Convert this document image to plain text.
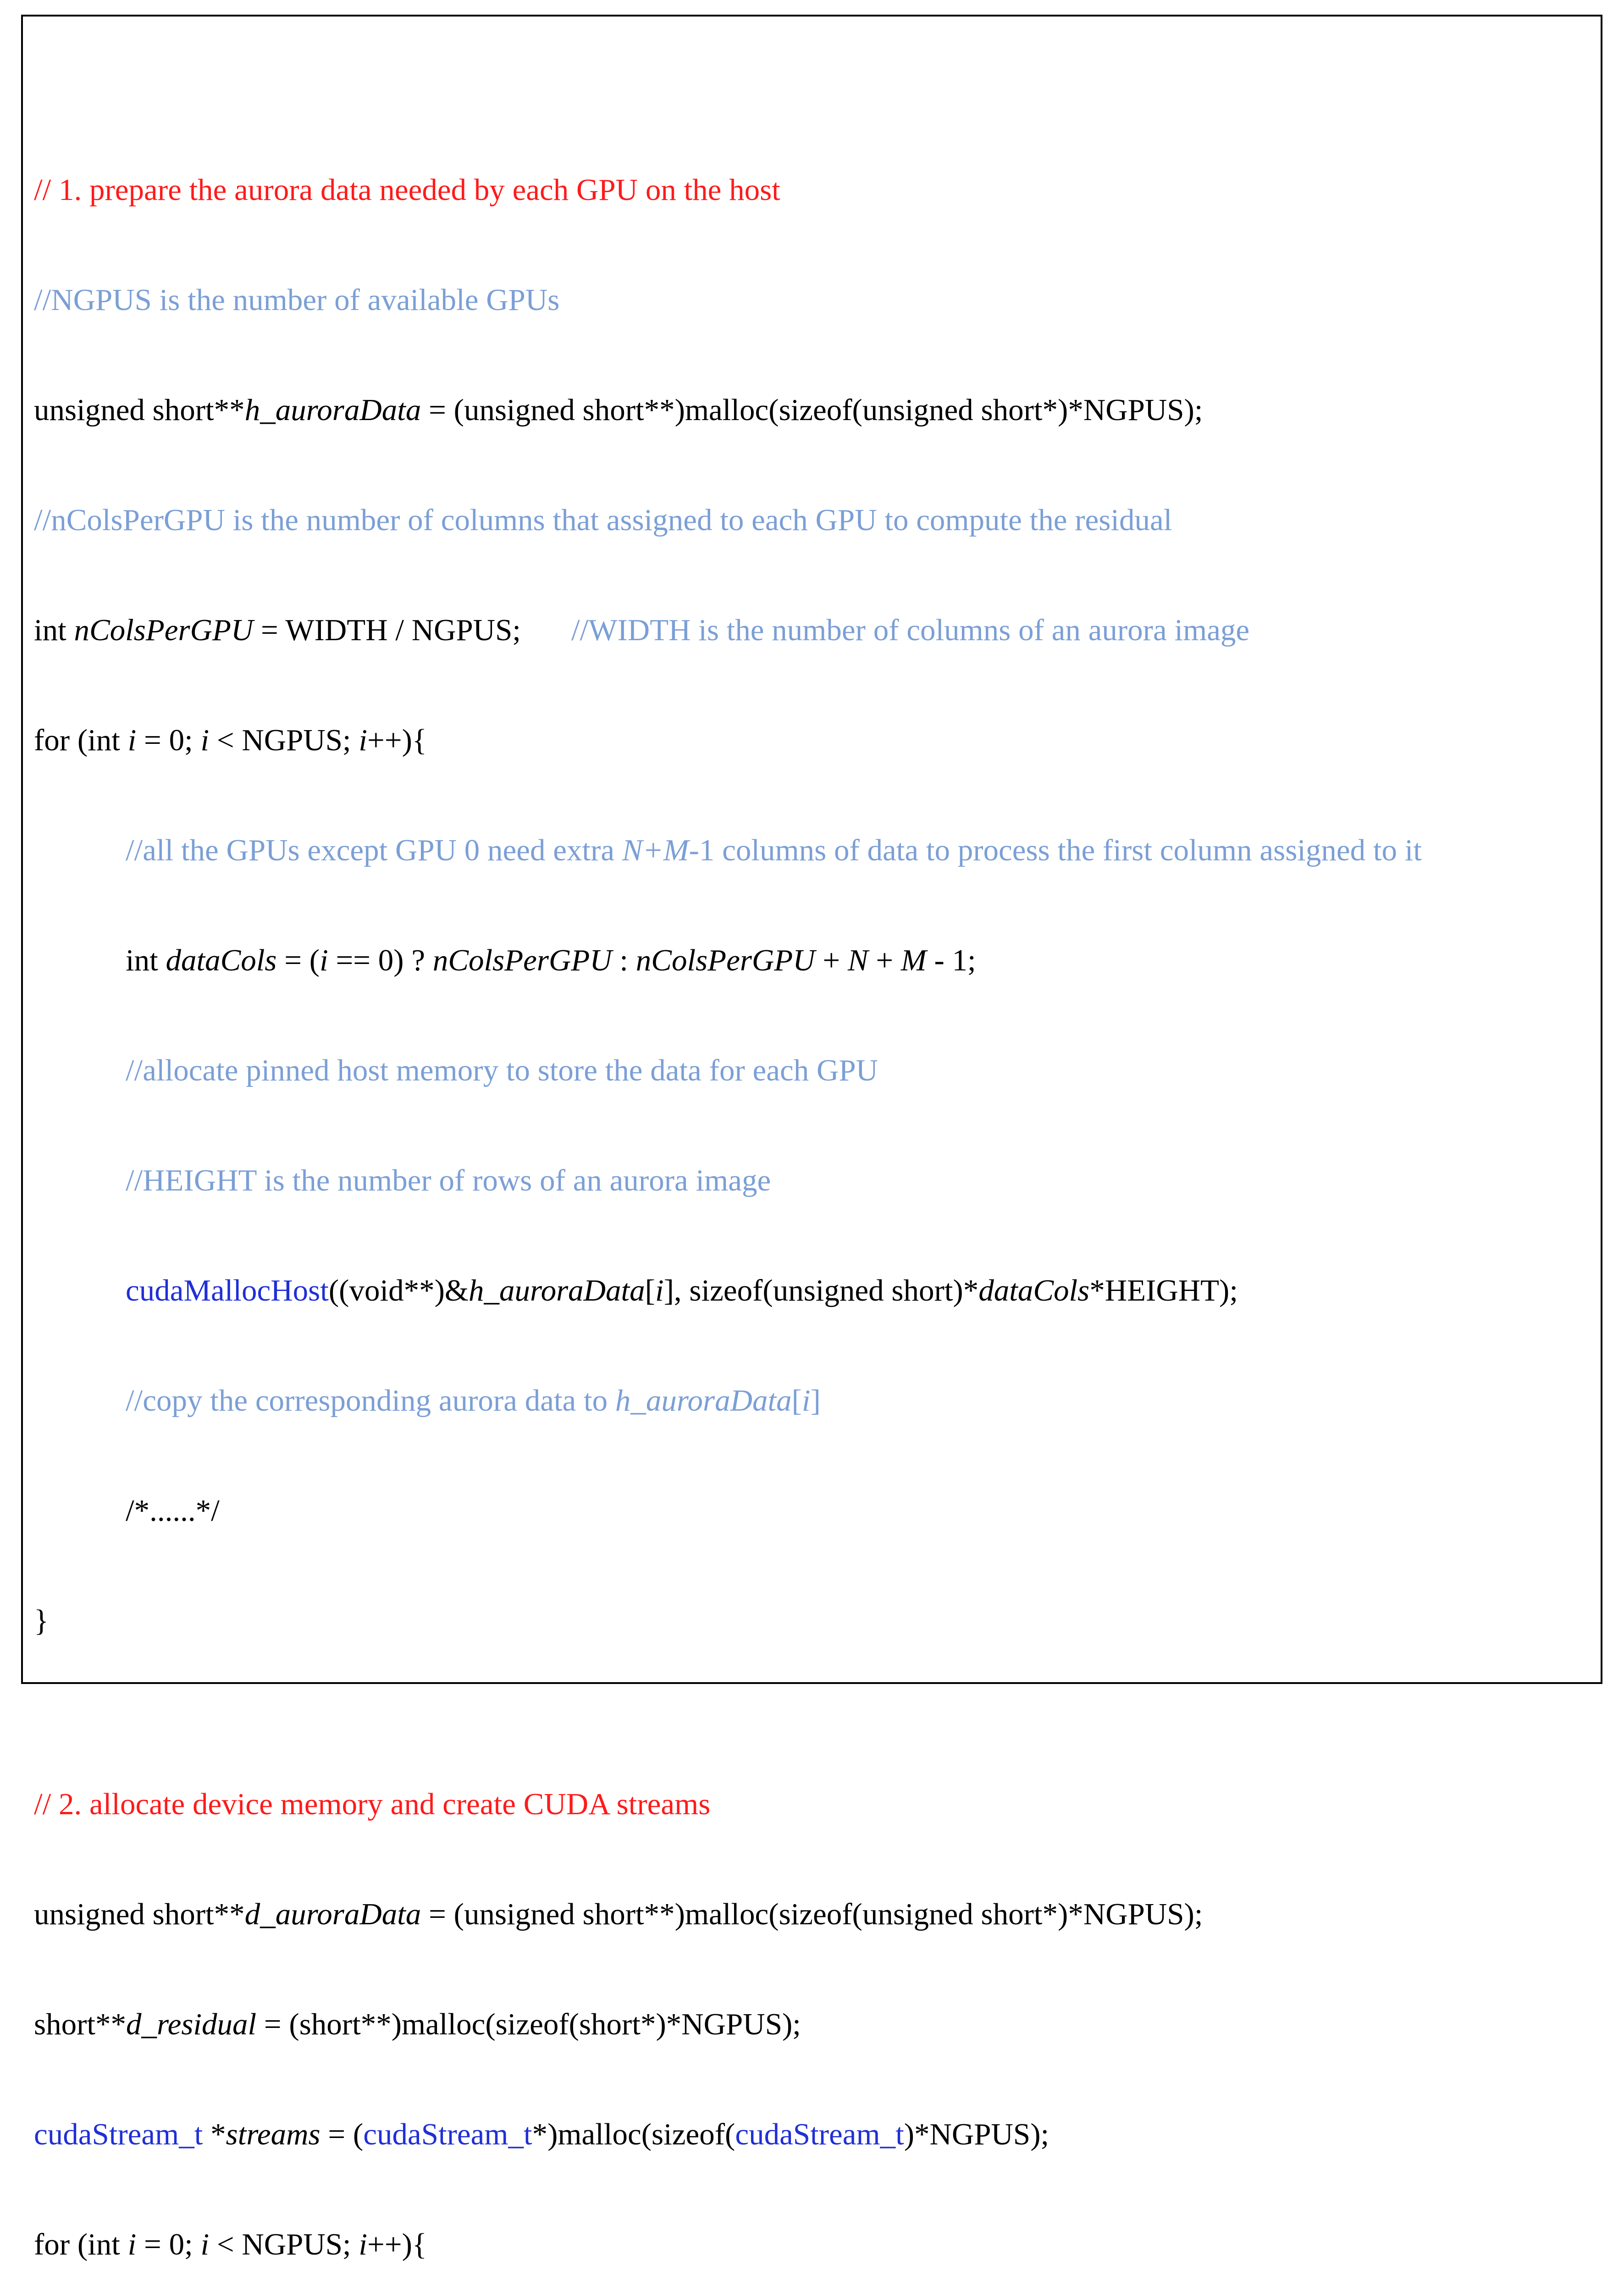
// 1. prepare the aurora data needed by each GPU on the host

//NGPUS is the number of available GPUs

unsigned short**h_auroraData = (unsigned short**)malloc(sizeof(unsigned short*)*NGPUS);

//nColsPerGPU is the number of columns that assigned to each GPU to compute the residual

int nColsPerGPU = WIDTH / NGPUS; //WIDTH is the number of columns of an aurora image

for (int i = 0; i < NGPUS; i++){

//all the GPUs except GPU 0 need extra N+M-1 columns of data to process the first column assigned to it

int dataCols = (i == 0) ? nColsPerGPU : nColsPerGPU + N + M - 1;

//allocate pinned host memory to store the data for each GPU

//HEIGHT is the number of rows of an aurora image

cudaMallocHost((void**)&h_auroraData[i], sizeof(unsigned short)*dataCols*HEIGHT);

//copy the corresponding aurora data to h_auroraData[i]

/*......*/

}

// 2. allocate device memory and create CUDA streams

unsigned short**d_auroraData = (unsigned short**)malloc(sizeof(unsigned short*)*NGPUS);

short**d_residual = (short**)malloc(sizeof(short*)*NGPUS);

cudaStream_t *streams = (cudaStream_t*)malloc(sizeof(cudaStream_t)*NGPUS);

for (int i = 0; i < NGPUS; i++){
